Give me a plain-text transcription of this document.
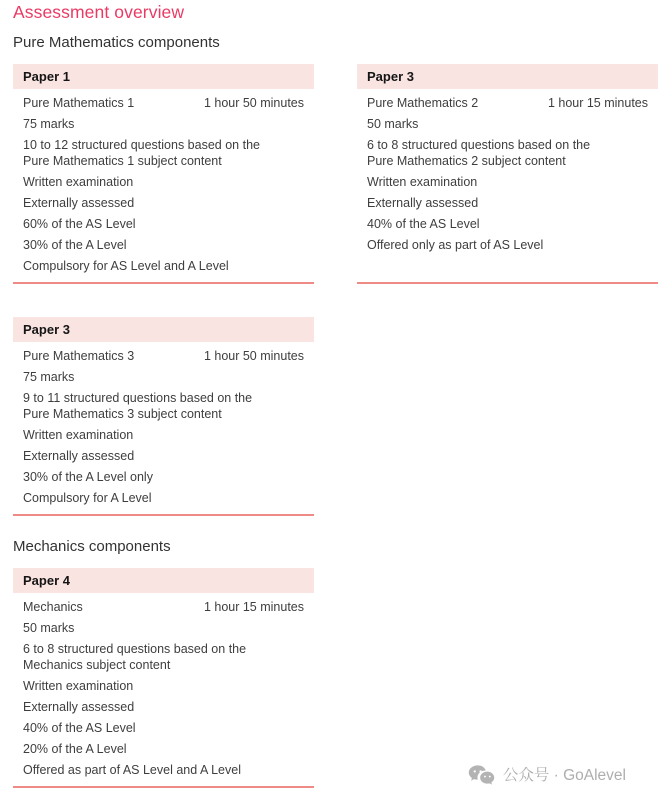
Assessment overview
Pure Mathematics components
Paper 1
Pure Mathematics 1	1 hour 50 minutes
75 marks
10 to 12 structured questions based on the
Pure Mathematics 1 subject content
Written examination
Externally assessed
60% of the AS Level
30% of the A Level
Compulsory for AS Level and A Level
Paper 3
Pure Mathematics 2	1 hour 15 minutes
50 marks
6 to 8 structured questions based on the
Pure Mathematics 2 subject content
Written examination
Externally assessed
40% of the AS Level
Offered only as part of AS Level
Paper 3
Pure Mathematics 3	1 hour 50 minutes
75 marks
9 to 11 structured questions based on the
Pure Mathematics 3 subject content
Written examination
Externally assessed
30% of the A Level only
Compulsory for A Level
Mechanics components
Paper 4
Mechanics	1 hour 15 minutes
50 marks
6 to 8 structured questions based on the
Mechanics subject content
Written examination
Externally assessed
40% of the AS Level
20% of the A Level
Offered as part of AS Level and A Level	公众号 · GoAlevel
